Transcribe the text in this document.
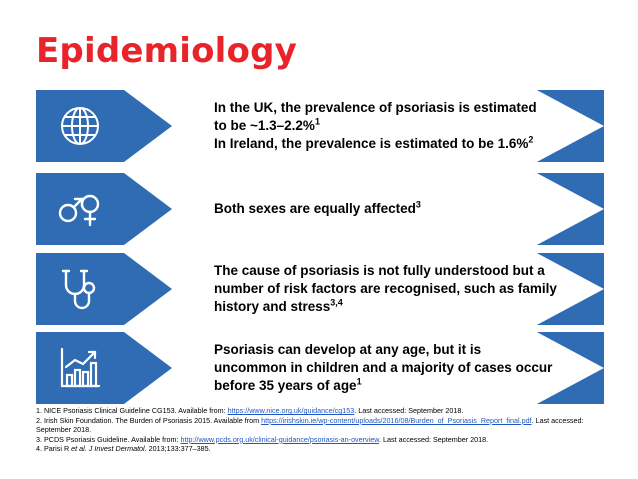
Epidemiology
In the UK, the prevalence of psoriasis is estimated
to be ~1.3–2.2%$^1$
In Ireland, the prevalence is estimated to be 1.6%$^2$
Both sexes are equally affected$^3$
The cause of psoriasis is not fully understood but a
number of risk factors are recognised, such as family
history and stress$^{3,4}$
Psoriasis can develop at any age, but it is
uncommon in children and a majority of cases occur
before 35 years of age$^1$
1. NICE Psoriasis Clinical Guideline CG153. Available from: https://www.nice.org.uk/guidance/cg153. Last accessed: September 2018.
2. Irish Skin Foundation. The Burden of Psoriasis 2015. Available from https://irishskin.ie/wp-content/uploads/2016/08/Burden_of_Psoriasis_Report_final.pdf. Last accessed: September 2018.
3. PCDS Psoriasis Guideline. Available from: http://www.pcds.org.uk/clinical-guidance/psoriasis-an-overview. Last accessed: September 2018.
4. Parisi R et al. J Invest Dermatol. 2013;133:377–385.
